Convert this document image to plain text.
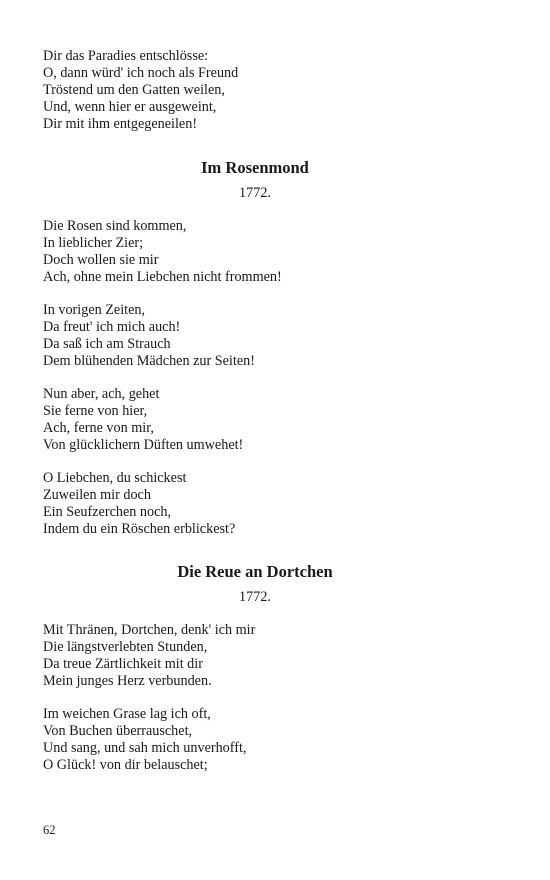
Dir das Paradies entschlösse:
O, dann würd' ich noch als Freund
Tröstend um den Gatten weilen,
Und, wenn hier er ausgeweint,
Dir mit ihm entgegeneilen!
Im Rosenmond
1772.
Die Rosen sind kommen,
In lieblicher Zier;
Doch wollen sie mir
Ach, ohne mein Liebchen nicht frommen!
In vorigen Zeiten,
Da freut' ich mich auch!
Da saß ich am Strauch
Dem blühenden Mädchen zur Seiten!
Nun aber, ach, gehet
Sie ferne von hier,
Ach, ferne von mir,
Von glücklichern Düften umwehet!
O Liebchen, du schickest
Zuweilen mir doch
Ein Seufzerchen noch,
Indem du ein Röschen erblickest?
Die Reue an Dortchen
1772.
Mit Thränen, Dortchen, denk' ich mir
Die längstverlebten Stunden,
Da treue Zärtlichkeit mit dir
Mein junges Herz verbunden.
Im weichen Grase lag ich oft,
Von Buchen überrauschet,
Und sang, und sah mich unverhofft,
O Glück! von dir belauschet;
62
